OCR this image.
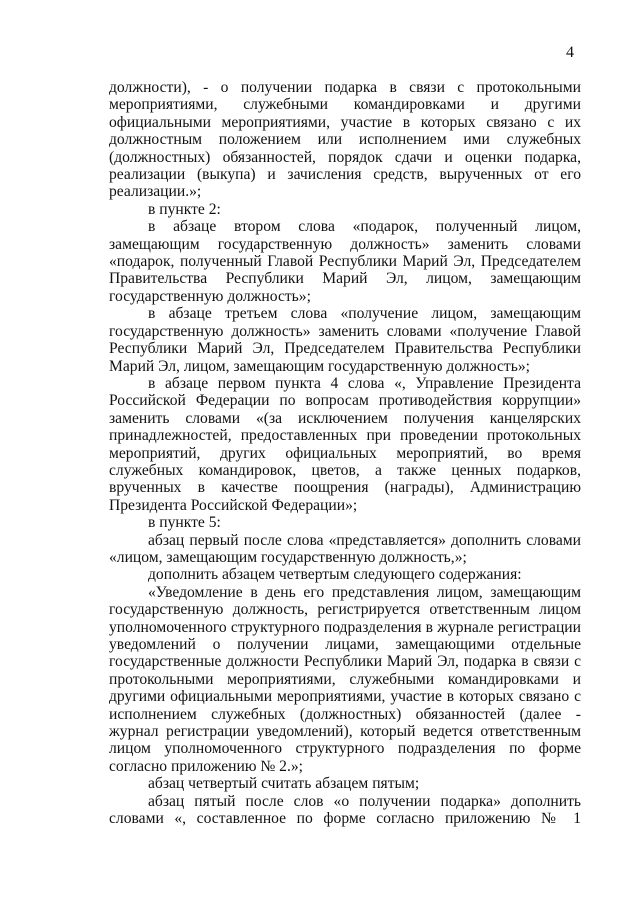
4

должности), - о получении подарка в связи с протокольными мероприятиями, служебными командировками и другими официальными мероприятиями, участие в которых связано с их должностным положением или исполнением ими служебных (должностных) обязанностей, порядок сдачи и оценки подарка, реализации (выкупа) и зачисления средств, вырученных от его реализации.»;

в пункте 2:

в абзаце втором слова «подарок, полученный лицом, замещающим государственную должность» заменить словами «подарок, полученный Главой Республики Марий Эл, Председателем Правительства Республики Марий Эл, лицом, замещающим государственную должность»;

в абзаце третьем слова «получение лицом, замещающим государственную должность» заменить словами «получение Главой Республики Марий Эл, Председателем Правительства Республики Марий Эл, лицом, замещающим государственную должность»;

в абзаце первом пункта 4 слова «, Управление Президента Российской Федерации по вопросам противодействия коррупции» заменить словами «(за исключением получения канцелярских принадлежностей, предоставленных при проведении протокольных мероприятий, других официальных мероприятий, во время служебных командировок, цветов, а также ценных подарков, врученных в качестве поощрения (награды), Администрацию Президента Российской Федерации»;

в пункте 5:

абзац первый после слова «представляется» дополнить словами «лицом, замещающим государственную должность,»;

дополнить абзацем четвертым следующего содержания:

«Уведомление в день его представления лицом, замещающим государственную должность, регистрируется ответственным лицом уполномоченного структурного подразделения в журнале регистрации уведомлений о получении лицами, замещающими отдельные государственные должности Республики Марий Эл, подарка в связи с протокольными мероприятиями, служебными командировками и другими официальными мероприятиями, участие в которых связано с исполнением служебных (должностных) обязанностей (далее - журнал регистрации уведомлений), который ведется ответственным лицом уполномоченного структурного подразделения по форме согласно приложению № 2.»;

абзац четвертый считать абзацем пятым;

абзац пятый после слов «о получении подарка» дополнить словами «, составленное по форме согласно приложению № 1
